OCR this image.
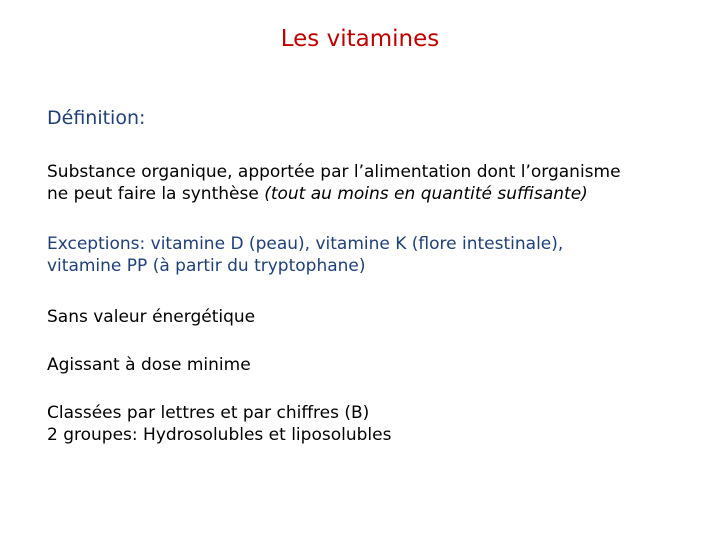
Les vitamines
Définition:
Substance organique, apportée par l’alimentation dont l’organisme
ne peut faire la synthèse (tout au moins en quantité suffisante)
Exceptions: vitamine D (peau), vitamine K (flore intestinale),
vitamine PP (à partir du tryptophane)
Sans valeur énergétique
Agissant à dose minime
Classées par lettres et par chiffres (B)
2 groupes: Hydrosolubles et liposolubles
